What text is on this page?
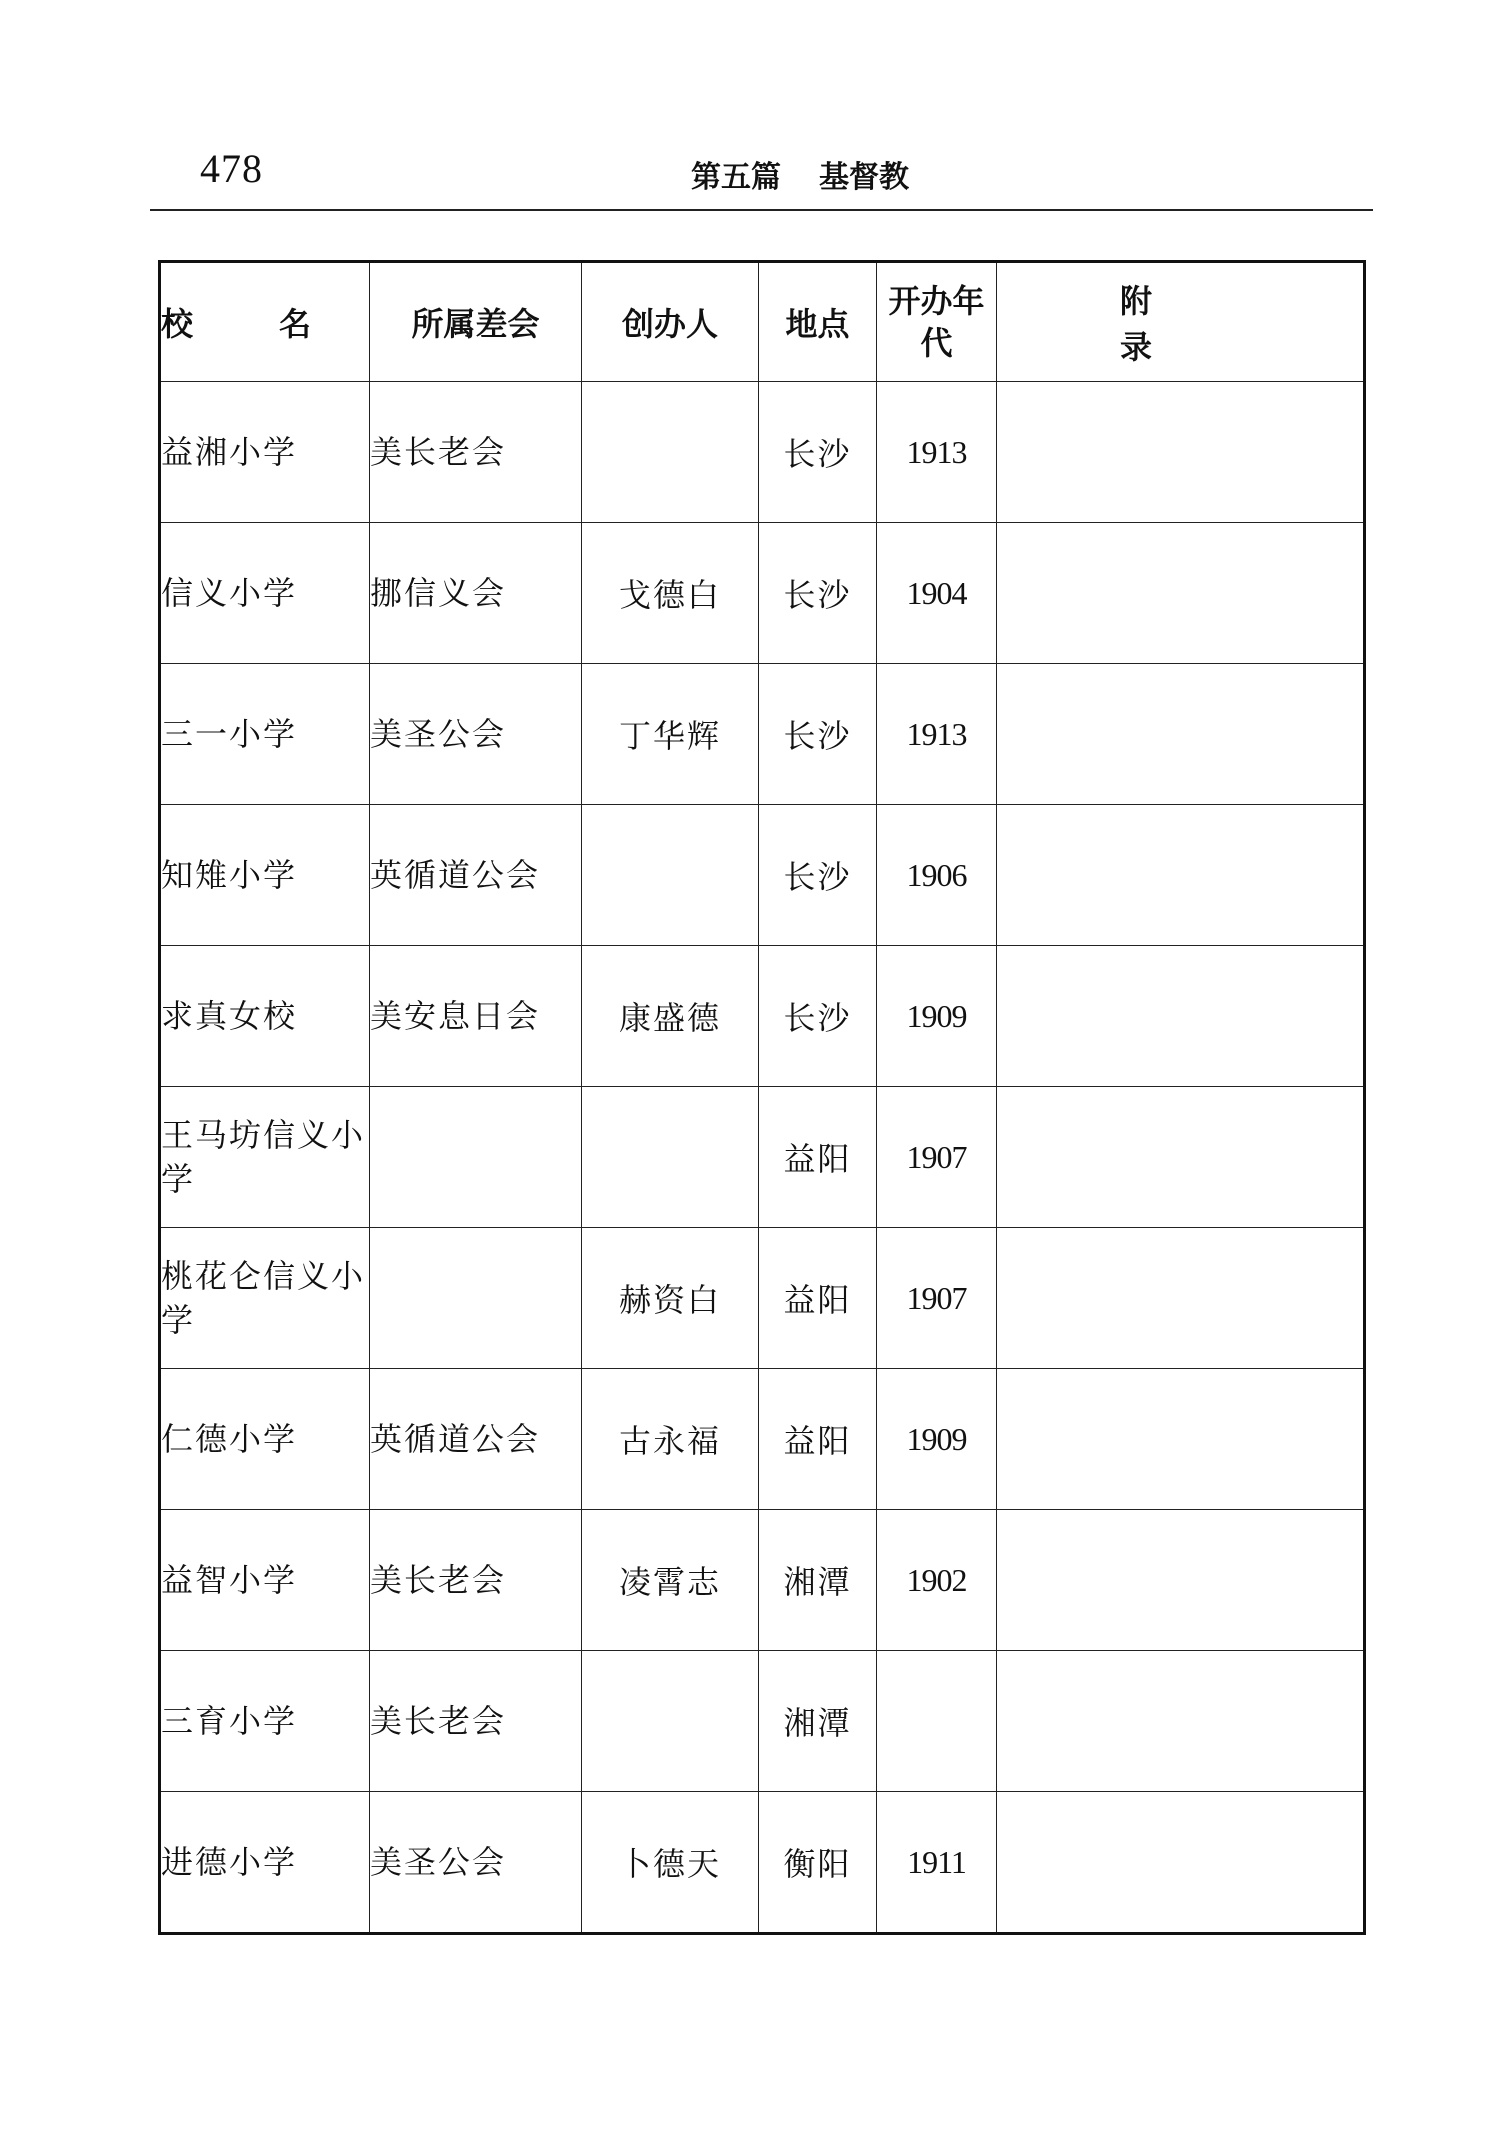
478	第五篇 基督教
校　　名	所属差会	创办人	地点	开办年代	附　　录
益湘小学	美长老会		长沙	1913	
信义小学	挪信义会	戈德白	长沙	1904	
三一小学	美圣公会	丁华辉	长沙	1913	
知雉小学	英循道公会		长沙	1906	
求真女校	美安息日会	康盛德	长沙	1909	
王马坊信义小学			益阳	1907	
桃花仑信义小学		赫资白	益阳	1907	
仁德小学	英循道公会	古永福	益阳	1909	
益智小学	美长老会	凌霄志	湘潭	1902	
三育小学	美长老会		湘潭		
进德小学	美圣公会	卜德天	衡阳	1911	
